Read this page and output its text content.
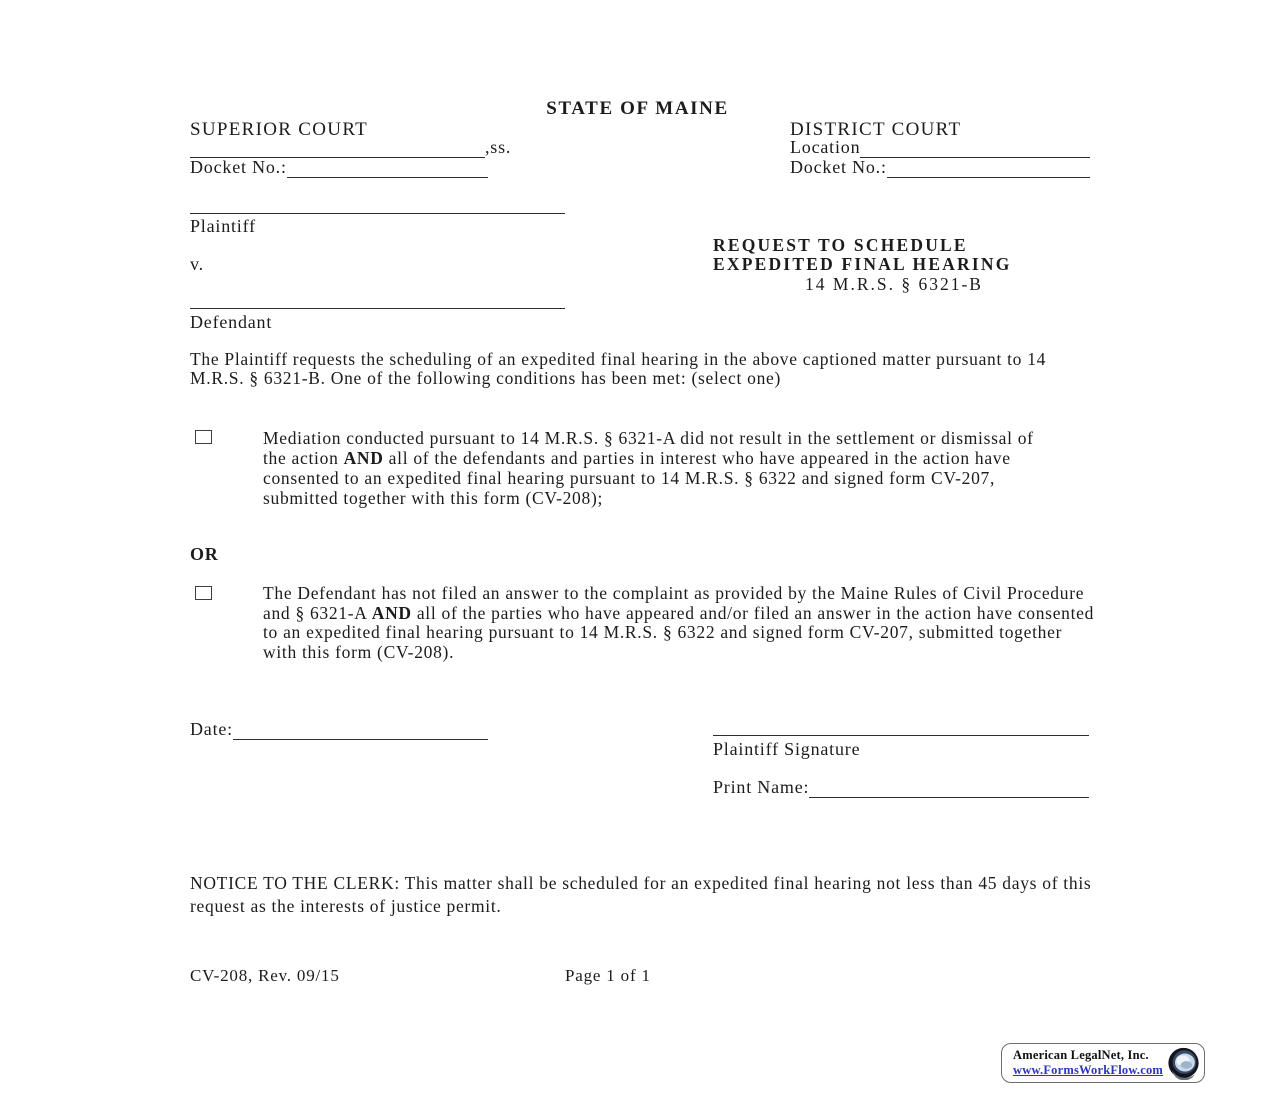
STATE OF MAINE
SUPERIOR COURT
,ss.
Docket No.:
DISTRICT COURT
Location
Docket No.:
Plaintiff
v.
Defendant
REQUEST TO SCHEDULE
EXPEDITED FINAL HEARING
14 M.R.S. § 6321-B
The Plaintiff requests the scheduling of an expedited final hearing in the above captioned matter pursuant to 14 M.R.S. § 6321-B. One of the following conditions has been met: (select one)
Mediation conducted pursuant to 14 M.R.S. § 6321-A did not result in the settlement or dismissal of the action AND all of the defendants and parties in interest who have appeared in the action have consented to an expedited final hearing pursuant to 14 M.R.S. § 6322 and signed form CV-207, submitted together with this form (CV-208);
OR
The Defendant has not filed an answer to the complaint as provided by the Maine Rules of Civil Procedure and § 6321-A AND all of the parties who have appeared and/or filed an answer in the action have consented to an expedited final hearing pursuant to 14 M.R.S. § 6322 and signed form CV-207, submitted together with this form (CV-208).
Date:
Plaintiff Signature
Print Name:
NOTICE TO THE CLERK: This matter shall be scheduled for an expedited final hearing not less than 45 days of this request as the interests of justice permit.
CV-208, Rev. 09/15	Page 1 of 1
American LegalNet, Inc.
www.FormsWorkFlow.com
